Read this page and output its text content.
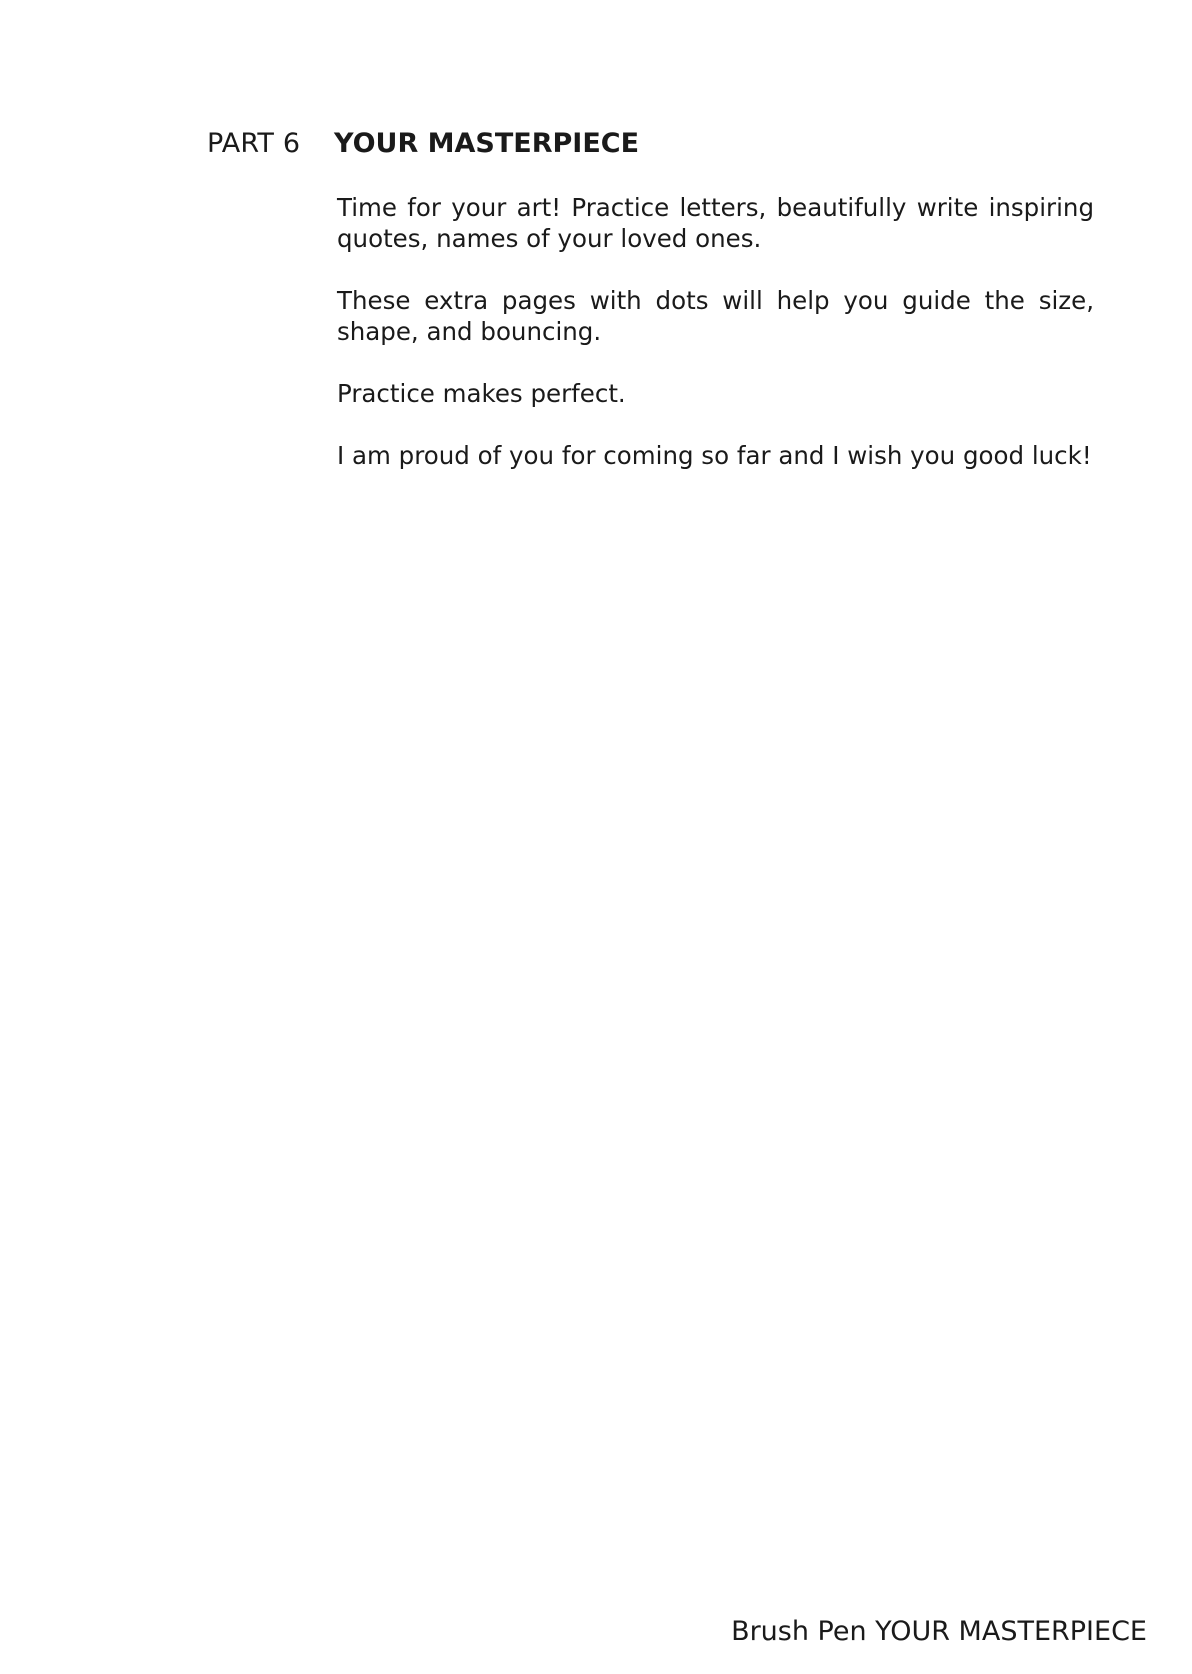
PART 6 YOUR MASTERPIECE

Time for your art! Practice letters, beautifully write inspiring quotes, names of your loved ones.

These extra pages with dots will help you guide the size, shape, and bouncing.

Practice makes perfect.

I am proud of you for coming so far and I wish you good luck!

Brush Pen YOUR MASTERPIECE
